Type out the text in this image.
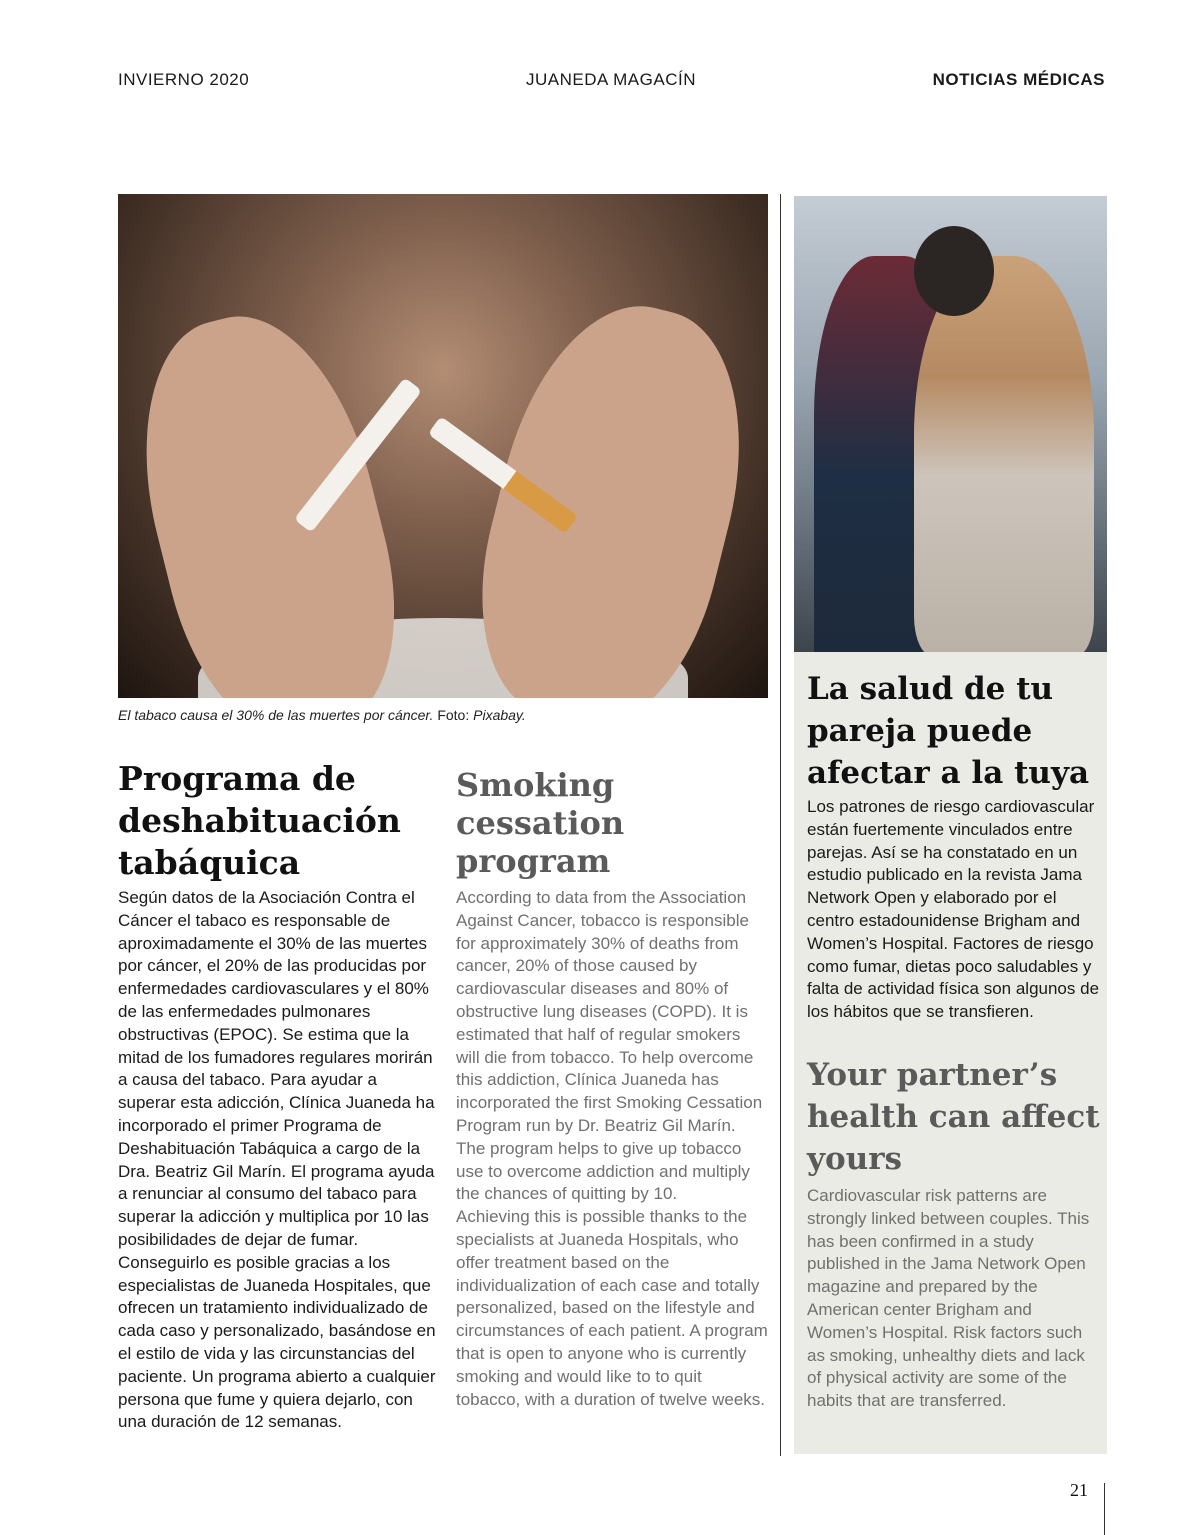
INVIERNO 2020	JUANEDA MAGACÍN	NOTICIAS MÉDICAS
El tabaco causa el 30% de las muertes por cáncer. Foto: Pixabay.
Programa de deshabituación tabáquica

Según datos de la Asociación Contra el Cáncer el tabaco es responsable de aproximadamente el 30% de las muertes por cáncer, el 20% de las producidas por enfermedades cardiovasculares y el 80% de las enfermedades pulmonares obstructivas (EPOC). Se estima que la mitad de los fumadores regulares morirán a causa del tabaco. Para ayudar a superar esta adicción, Clínica Juaneda ha incorporado el primer Programa de Deshabituación Tabáquica a cargo de la Dra. Beatriz Gil Marín. El programa ayuda a renunciar al consumo del tabaco para superar la adicción y multiplica por 10 las posibilidades de dejar de fumar.

Conseguirlo es posible gracias a los especialistas de Juaneda Hospitales, que ofrecen un tratamiento individualizado de cada caso y personalizado, basándose en el estilo de vida y las circunstancias del paciente. Un programa abierto a cualquier persona que fume y quiera dejarlo, con una duración de 12 semanas.

Smoking cessation program

According to data from the Association Against Cancer, tobacco is responsible for approximately 30% of deaths from cancer, 20% of those caused by cardiovascular diseases and 80% of obstructive lung diseases (COPD). It is estimated that half of regular smokers will die from tobacco. To help overcome this addiction, Clínica Juaneda has incorporated the first Smoking Cessation Program run by Dr. Beatriz Gil Marín. The program helps to give up tobacco use to overcome addiction and multiply the chances of quitting by 10.

Achieving this is possible thanks to the specialists at Juaneda Hospitals, who offer treatment based on the individualization of each case and totally personalized, based on the lifestyle and circumstances of each patient. A program that is open to anyone who is currently smoking and would like to to quit tobacco, with a duration of twelve weeks.

La salud de tu pareja puede afectar a la tuya

Los patrones de riesgo cardiovascular están fuertemente vinculados entre parejas. Así se ha constatado en un estudio publicado en la revista Jama Network Open y elaborado por el centro estadounidense Brigham and Women’s Hospital. Factores de riesgo como fumar, dietas poco saludables y falta de actividad física son algunos de los hábitos que se transfieren.

Your partner’s health can affect yours

Cardiovascular risk patterns are strongly linked between couples. This has been confirmed in a study published in the Jama Network Open magazine and prepared by the American center Brigham and Women’s Hospital. Risk factors such as smoking, unhealthy diets and lack of physical activity are some of the habits that are transferred.

21
